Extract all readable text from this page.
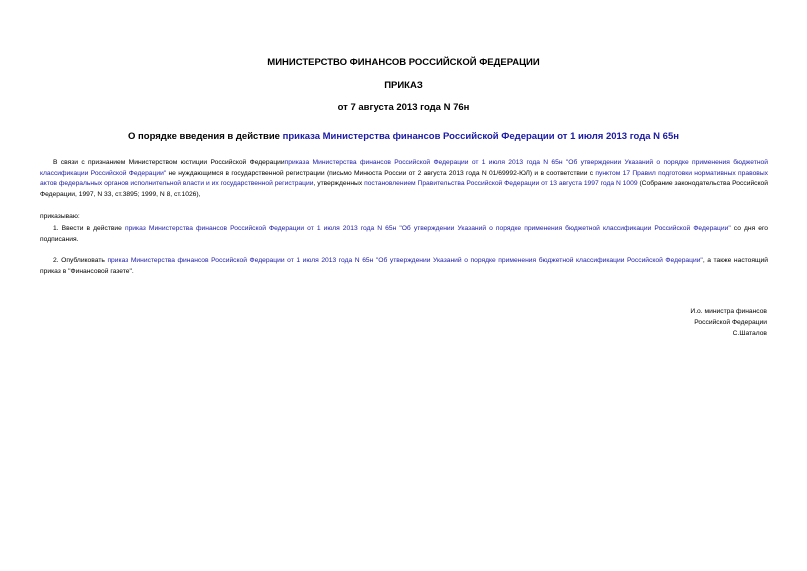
МИНИСТЕРСТВО ФИНАНСОВ РОССИЙСКОЙ ФЕДЕРАЦИИ
ПРИКАЗ
от 7 августа 2013 года N 76н
О порядке введения в действие приказа Министерства финансов Российской Федерации от 1 июля 2013 года N 65н

В связи с признанием Министерством юстиции Российской Федерацииприказа Министерства финансов Российской Федерации от 1 июля 2013 года N 65н "Об утверждении Указаний о порядке применения бюджетной классификации Российской Федерации" не нуждающимся в государственной регистрации (письмо Минюста России от 2 августа 2013 года N 01/69992-ЮЛ) и в соответствии с пунктом 17 Правил подготовки нормативных правовых актов федеральных органов исполнительной власти и их государственной регистрации, утвержденных постановлением Правительства Российской Федерации от 13 августа 1997 года N 1009 (Собрание законодательства Российской Федерации, 1997, N 33, ст.3895; 1999, N 8, ст.1026),

приказываю:

1. Ввести в действие приказ Министерства финансов Российской Федерации от 1 июля 2013 года N 65н "Об утверждении Указаний о порядке применения бюджетной классификации Российской Федерации" со дня его подписания.

2. Опубликовать приказ Министерства финансов Российской Федерации от 1 июля 2013 года N 65н "Об утверждении Указаний о порядке применения бюджетной классификации Российской Федерации", а также настоящий приказ в "Финансовой газете".

И.о. министра финансов
Российской Федерации
С.Шаталов
